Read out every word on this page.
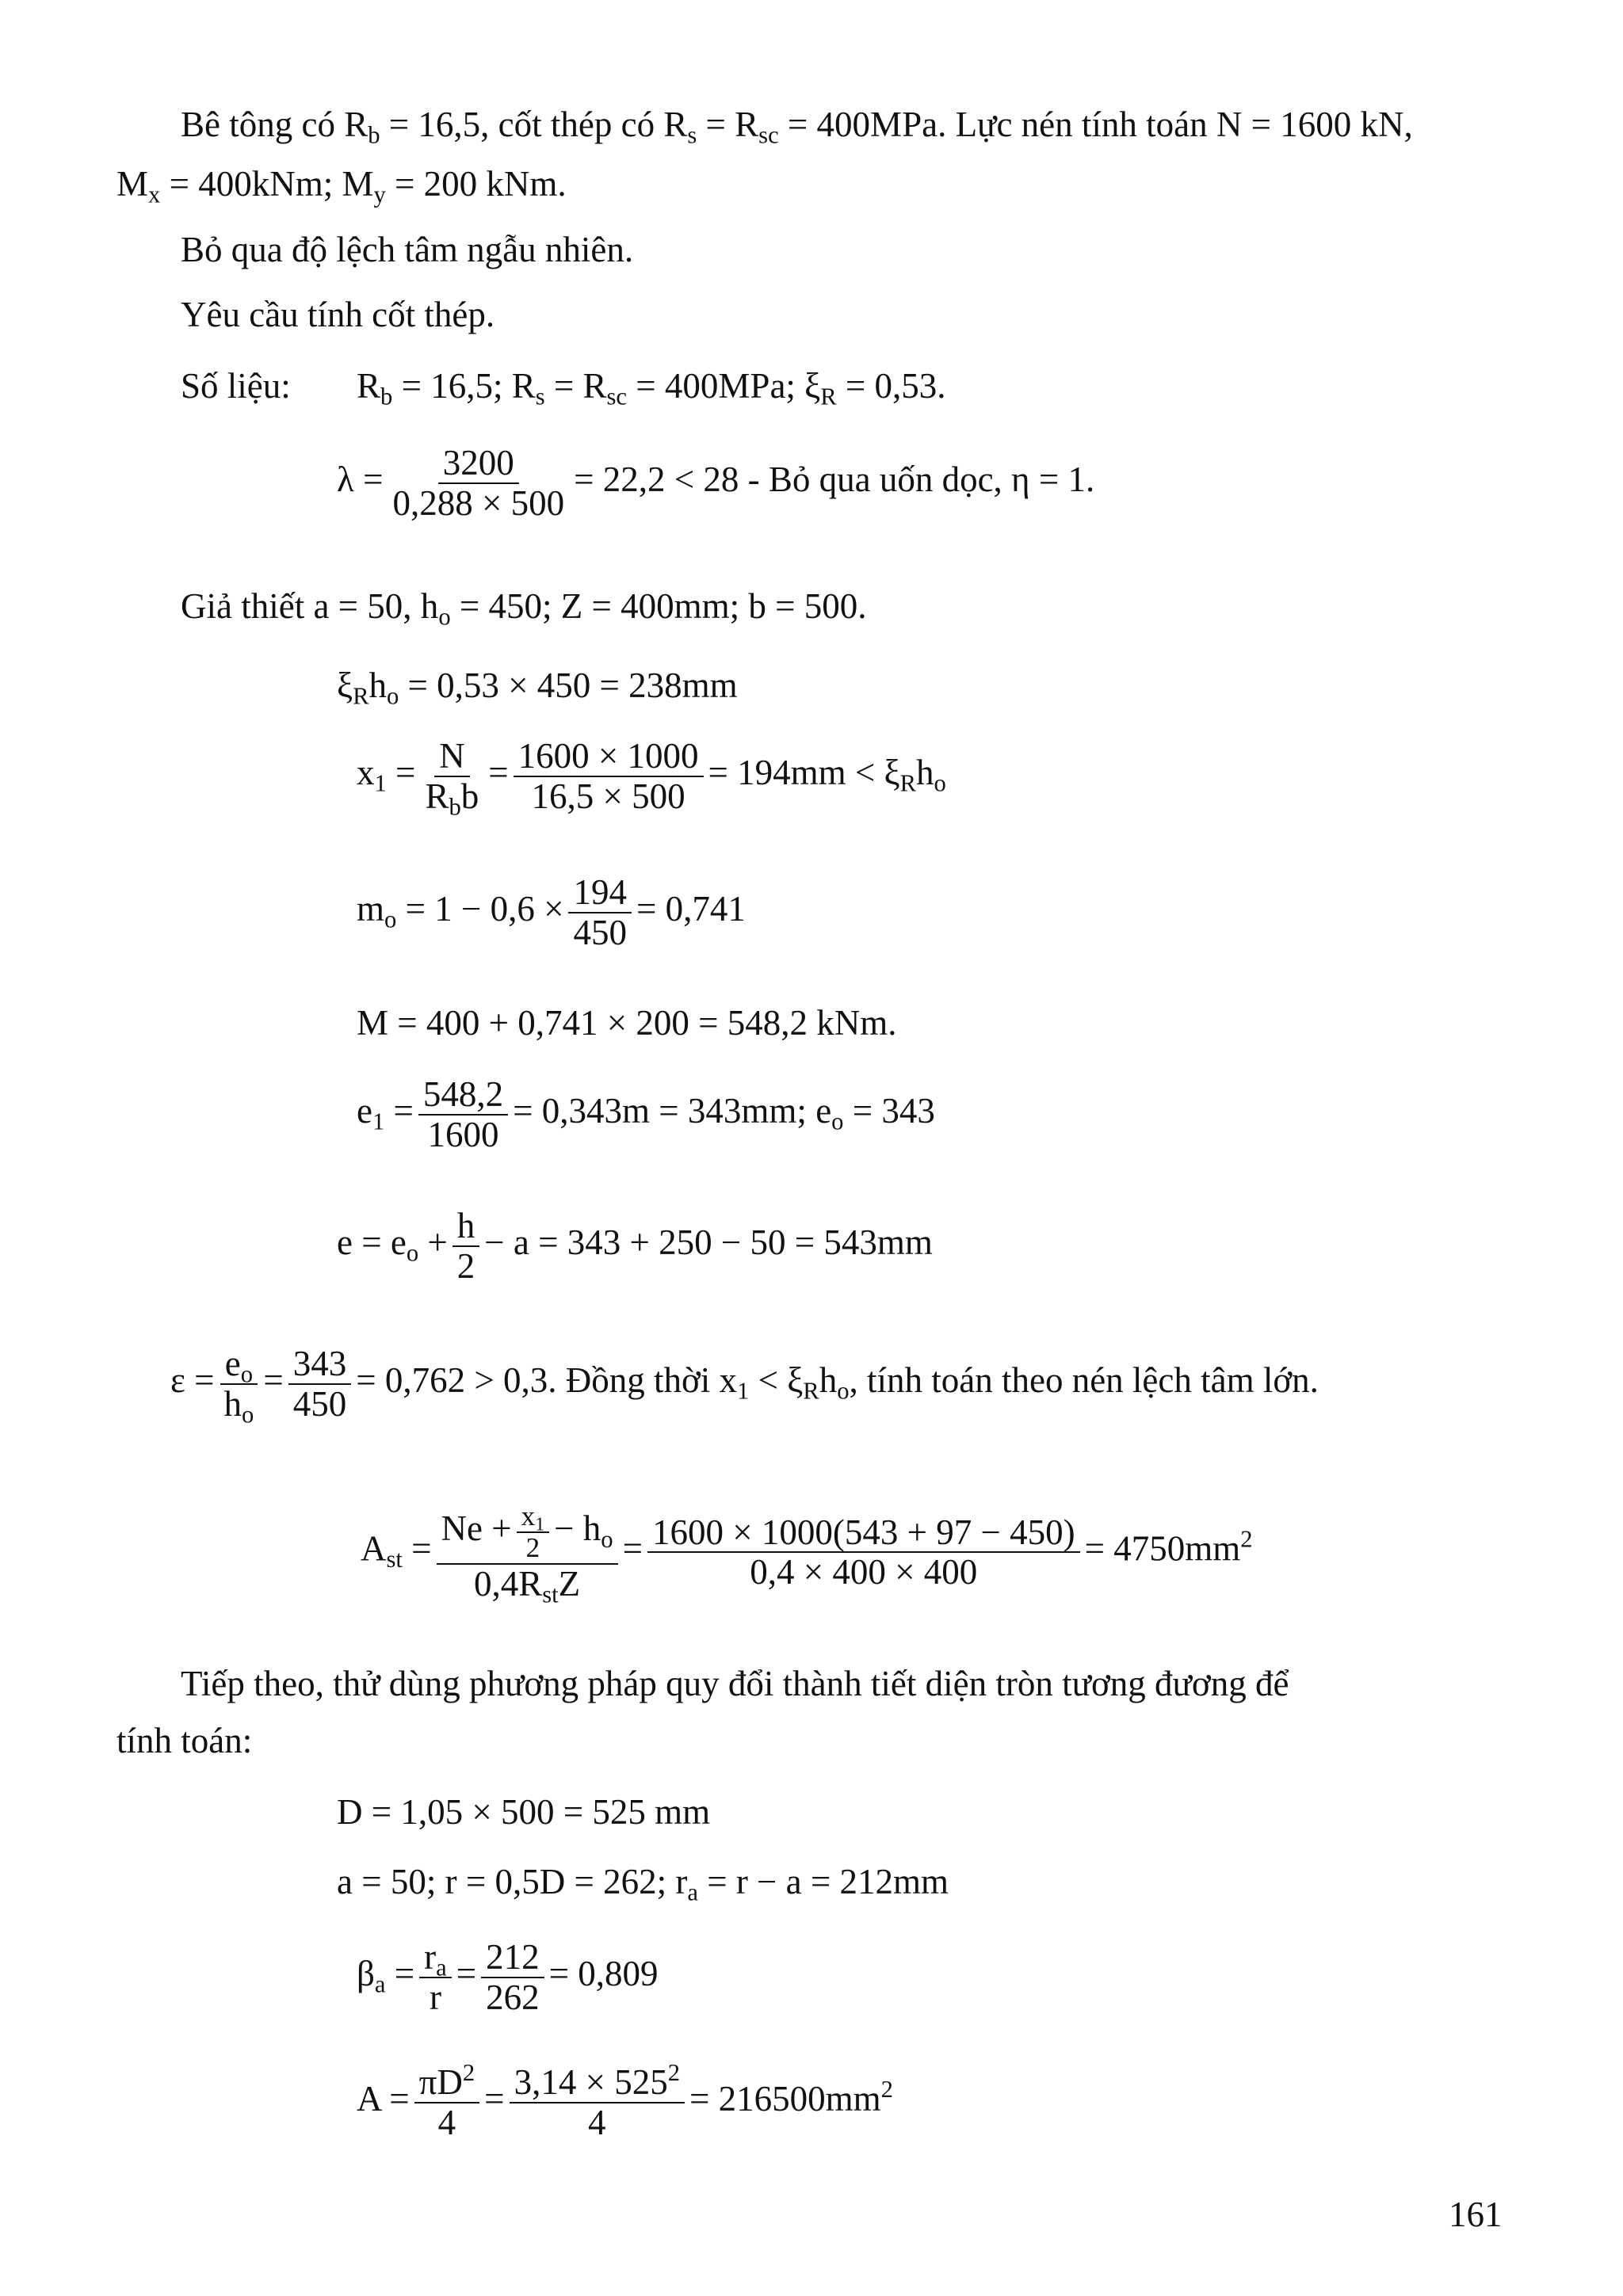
Bê tông có $R_b = 16,5$, cốt thép có $R_s = R_{sc} = 400MPa$. Lực nén tính toán N = 1600 kN,
$M_x = 400kNm$; $M_y = 200$ kNm.
Bỏ qua độ lệch tâm ngẫu nhiên.
Yêu cầu tính cốt thép.
Số liệu: $R_b = 16,5$; $R_s = R_{sc} = 400MPa$; $\xi_R = 0,53$.
$\lambda = \frac{3200}{0,288 \times 500} = 22,2 < 28$ - Bỏ qua uốn dọc, η = 1.
Giả thiết a = 50, $h_o = 450$; Z = 400mm; b = 500.
$\xi_Rh_o = 0,53 \times 450 = 238mm$
$x_1 = \frac{N}{R_bb} = \frac{1600 \times 1000}{16,5 \times 500} = 194mm < \xi_Rh_o$
$m_o = 1 - 0,6 \times \frac{194}{450} = 0,741$
M = 400 + 0,741 × 200 = 548,2 kNm.
$e_1 = \frac{548,2}{1600} = 0,343m = 343mm$; $e_o = 343$
$e = e_o + \frac{h}{2} - a = 343 + 250 - 50 = 543mm$
$\varepsilon = \frac{e_o}{h_o} = \frac{343}{450} = 0,762 > 0,3$. Đồng thời $x_1 < \xi_Rh_o$, tính toán theo nén lệch tâm lớn.
$A_{st} = \frac{Ne + \frac{x_1}{2} - h_o}{0,4R_{st}Z} = \frac{1600 \times 1000(543 + 97 - 450)}{0,4 \times 400 \times 400} = 4750mm^2$
Tiếp theo, thử dùng phương pháp quy đổi thành tiết diện tròn tương đương để
tính toán:
D = 1,05 × 500 = 525 mm
a = 50; r = 0,5D = 262; $r_a = r - a = 212mm$
$\beta_a = \frac{r_a}{r} = \frac{212}{262} = 0,809$
$A = \frac{\pi D^2}{4} = \frac{3,14 \times 525^2}{4} = 216500mm^2$
161
